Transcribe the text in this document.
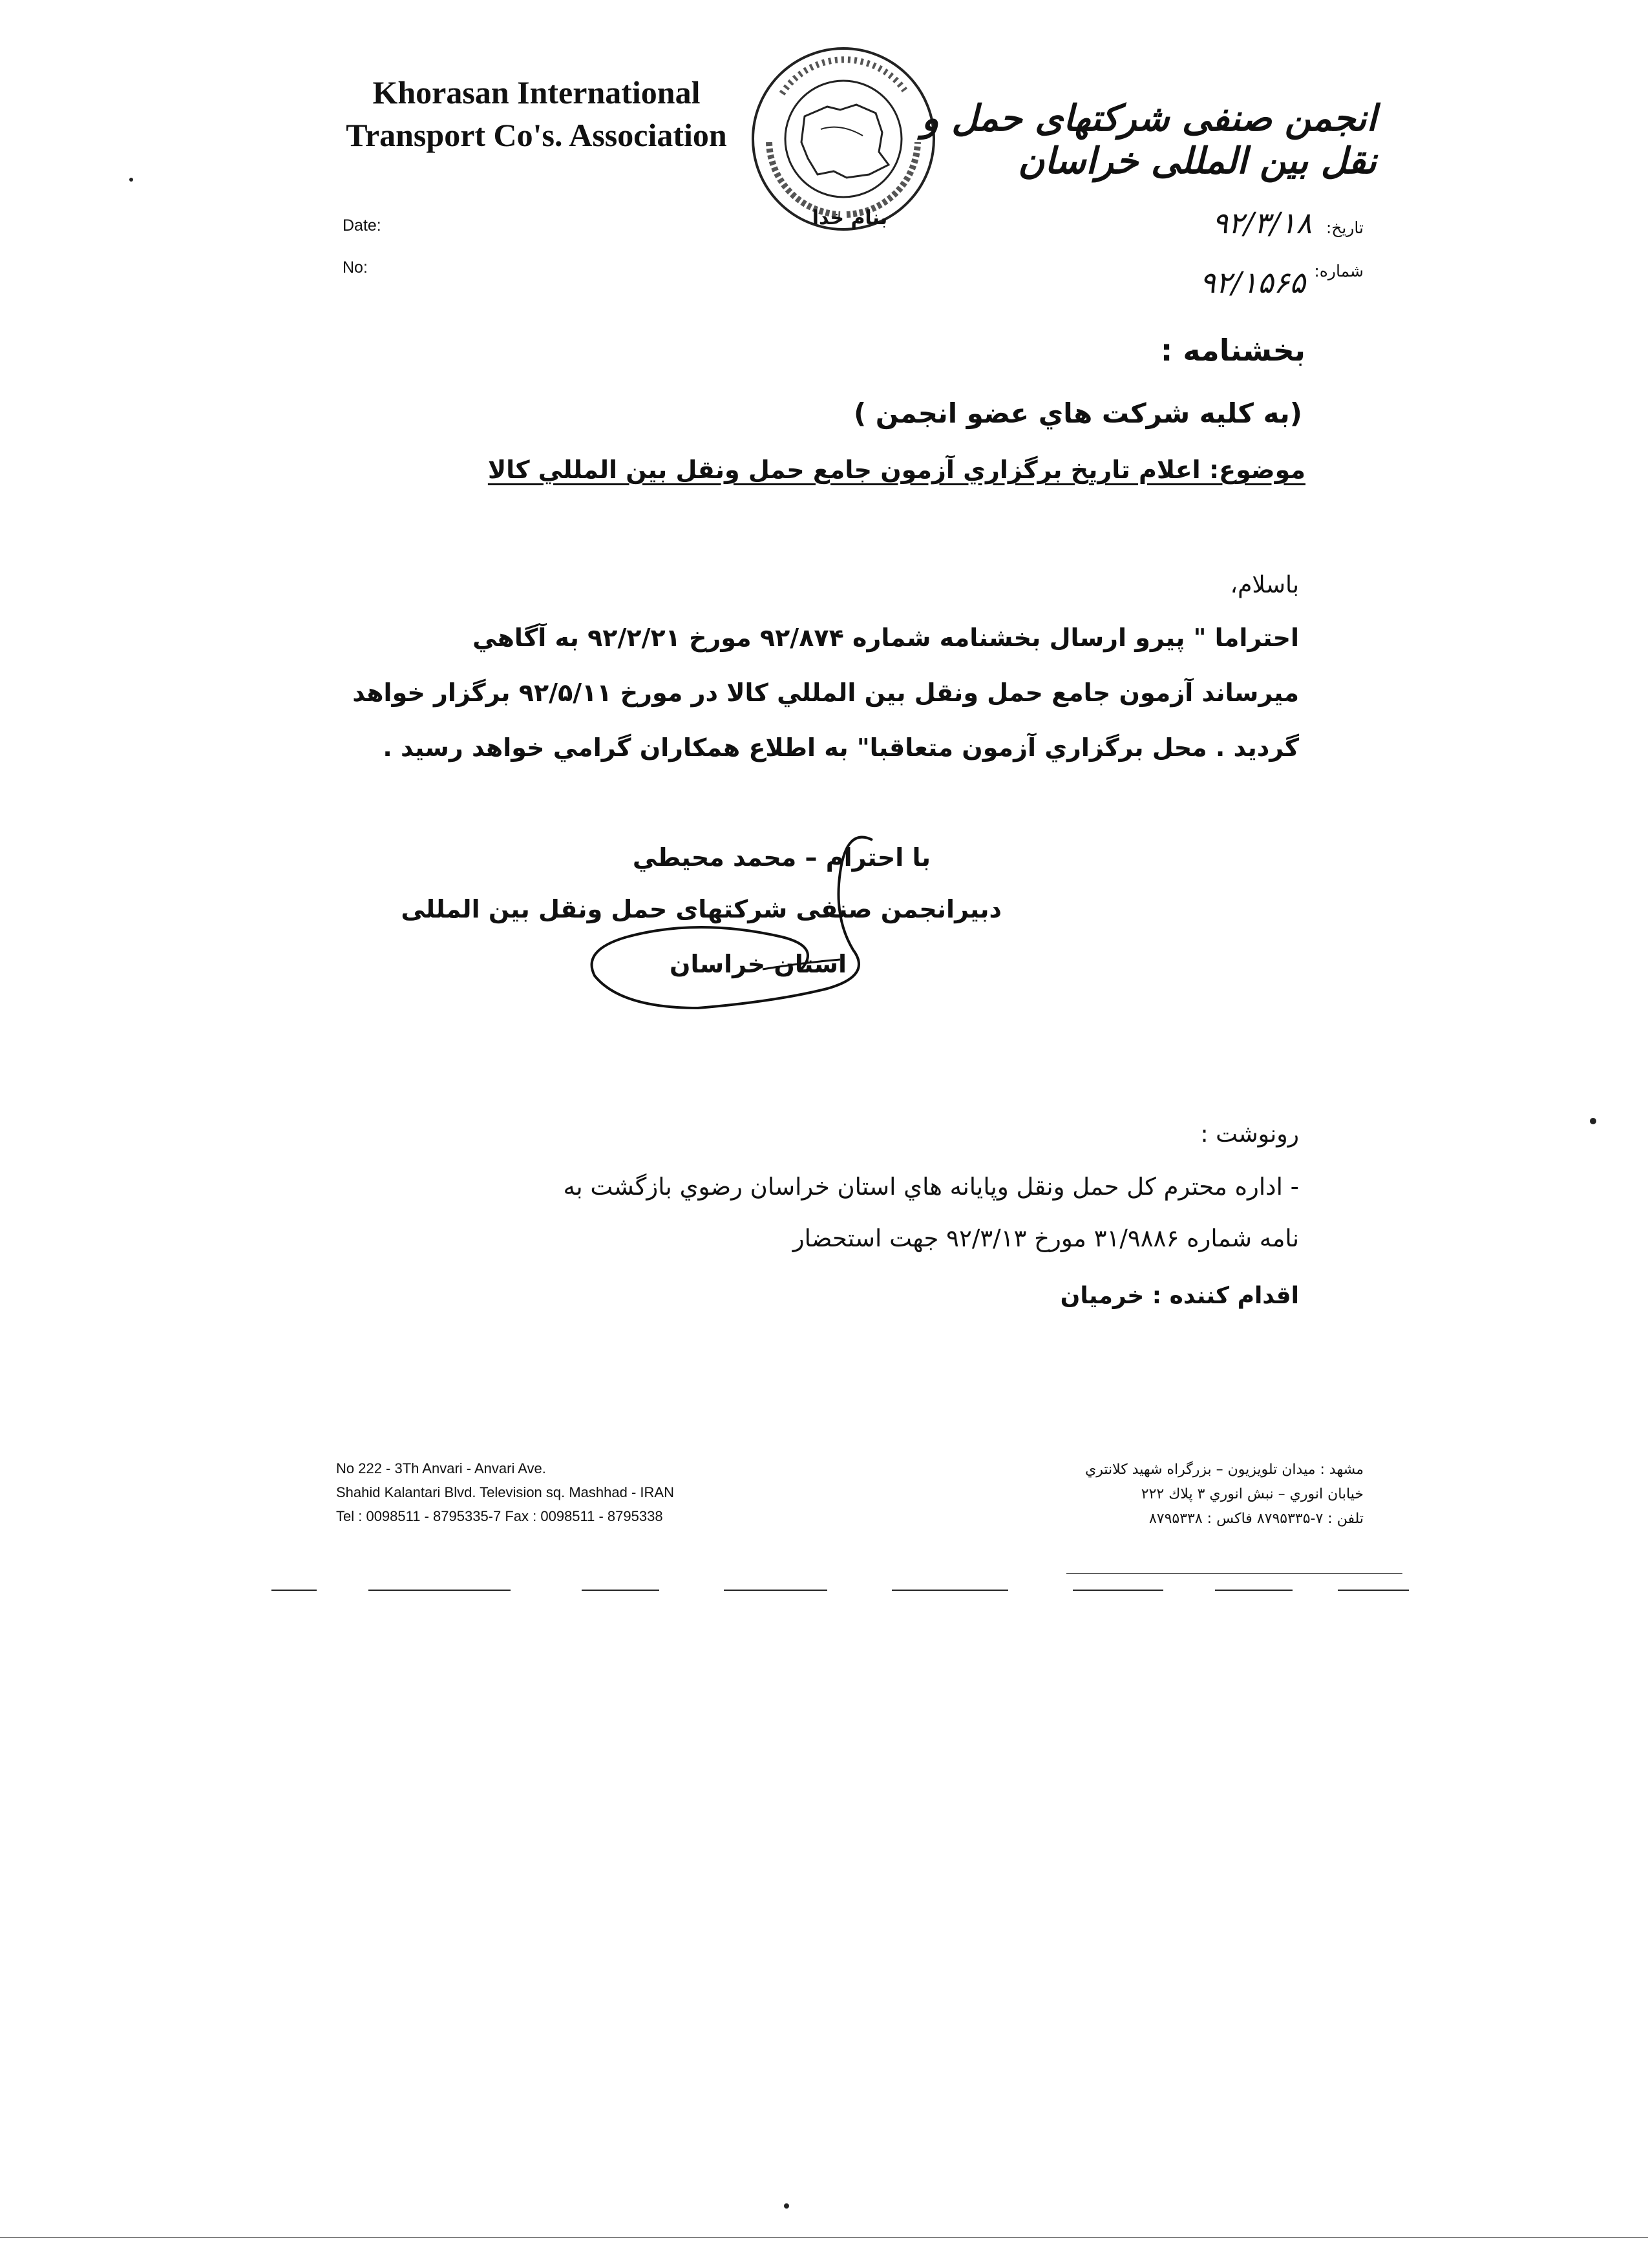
Khorasan International
Transport Co's. Association
بنام خدا
انجمن صنفی شرکتهای حمل و نقل بین المللی خراسان
Date:
No:
تاریخ:
شماره:
۹۲/۳/۱۸
۹۲/۱۵۶۵
بخشنامه :
(به كليه شركت هاي عضو انجمن )
موضوع: اعلام تاريخ برگزاري آزمون جامع حمل ونقل بين المللي كالا
باسلام،
احتراما " پيرو ارسال بخشنامه شماره ۹۲/۸۷۴ مورخ ۹۲/۲/۲۱ به آگاهي
ميرساند آزمون جامع حمل ونقل بين المللي كالا در مورخ ۹۲/۵/۱۱ برگزار خواهد
گرديد . محل برگزاري آزمون متعاقبا" به اطلاع همكاران گرامي خواهد رسيد .
با احترام – محمد محيطي
دبيرانجمن صنفی شركتهای حمل ونقل بين المللی
استان خراسان
رونوشت :
- اداره محترم كل حمل ونقل وپايانه هاي استان خراسان رضوي بازگشت به
نامه شماره ۳۱/۹۸۸۶ مورخ ۹۲/۳/۱۳ جهت استحضار
اقدام كننده : خرميان
No 222 - 3Th Anvari - Anvari Ave.
Shahid Kalantari Blvd. Television sq. Mashhad - IRAN
Tel : 0098511 - 8795335-7 Fax : 0098511 - 8795338
مشهد : ميدان تلويزيون – بزرگراه شهيد كلانتري
خيابان انوري – نبش انوري ۳ پلاك ۲۲۲
تلفن : ۷-۸۷۹۵۳۳۵ فاكس : ۸۷۹۵۳۳۸
